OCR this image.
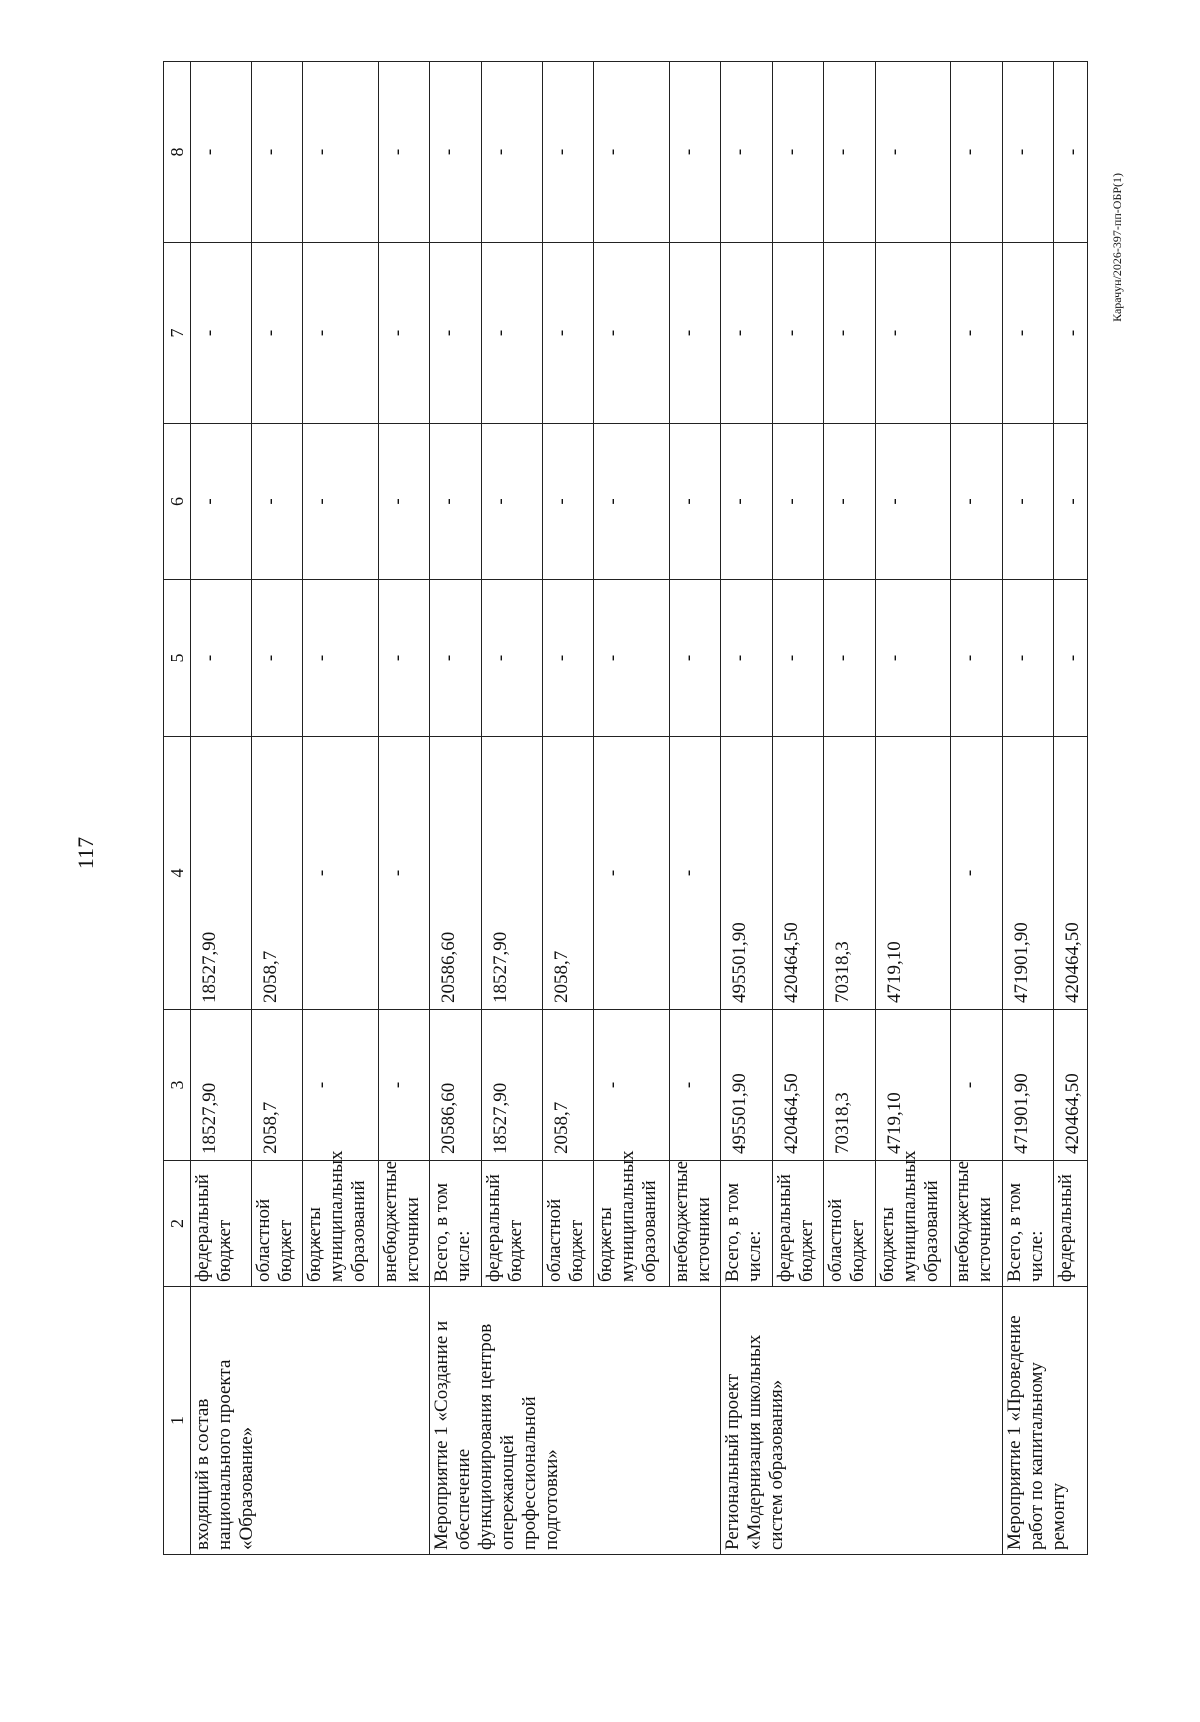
117
Карачун/2026-397-пп-ОБР(1)
1	2	3	4	5	6	7	8
входящий в состав национального проекта «Образование»	федеральный бюджет	18527,90	18527,90	-	-	-	-
	областной бюджет	2058,7	2058,7	-	-	-	-
	бюджеты муниципальных образований	-	-	-	-	-	-
	внебюджетные источники	-	-	-	-	-	-
Мероприятие 1 «Создание и обеспечение функционирования центров опережающей профессиональной подготовки»	Всего, в том числе:	20586,60	20586,60	-	-	-	-
	федеральный бюджет	18527,90	18527,90	-	-	-	-
	областной бюджет	2058,7	2058,7	-	-	-	-
	бюджеты муниципальных образований	-	-	-	-	-	-
	внебюджетные источники	-	-	-	-	-	-
Региональный проект «Модернизация школьных систем образования»	Всего, в том числе:	495501,90	495501,90	-	-	-	-
	федеральный бюджет	420464,50	420464,50	-	-	-	-
	областной бюджет	70318,3	70318,3	-	-	-	-
	бюджеты муниципальных образований	4719,10	4719,10	-	-	-	-
	внебюджетные источники	-	-	-	-	-	-
Мероприятие 1 «Проведение работ по капитальному ремонту	Всего, в том числе:	471901,90	471901,90	-	-	-	-
	федеральный	420464,50	420464,50	-	-	-	-
